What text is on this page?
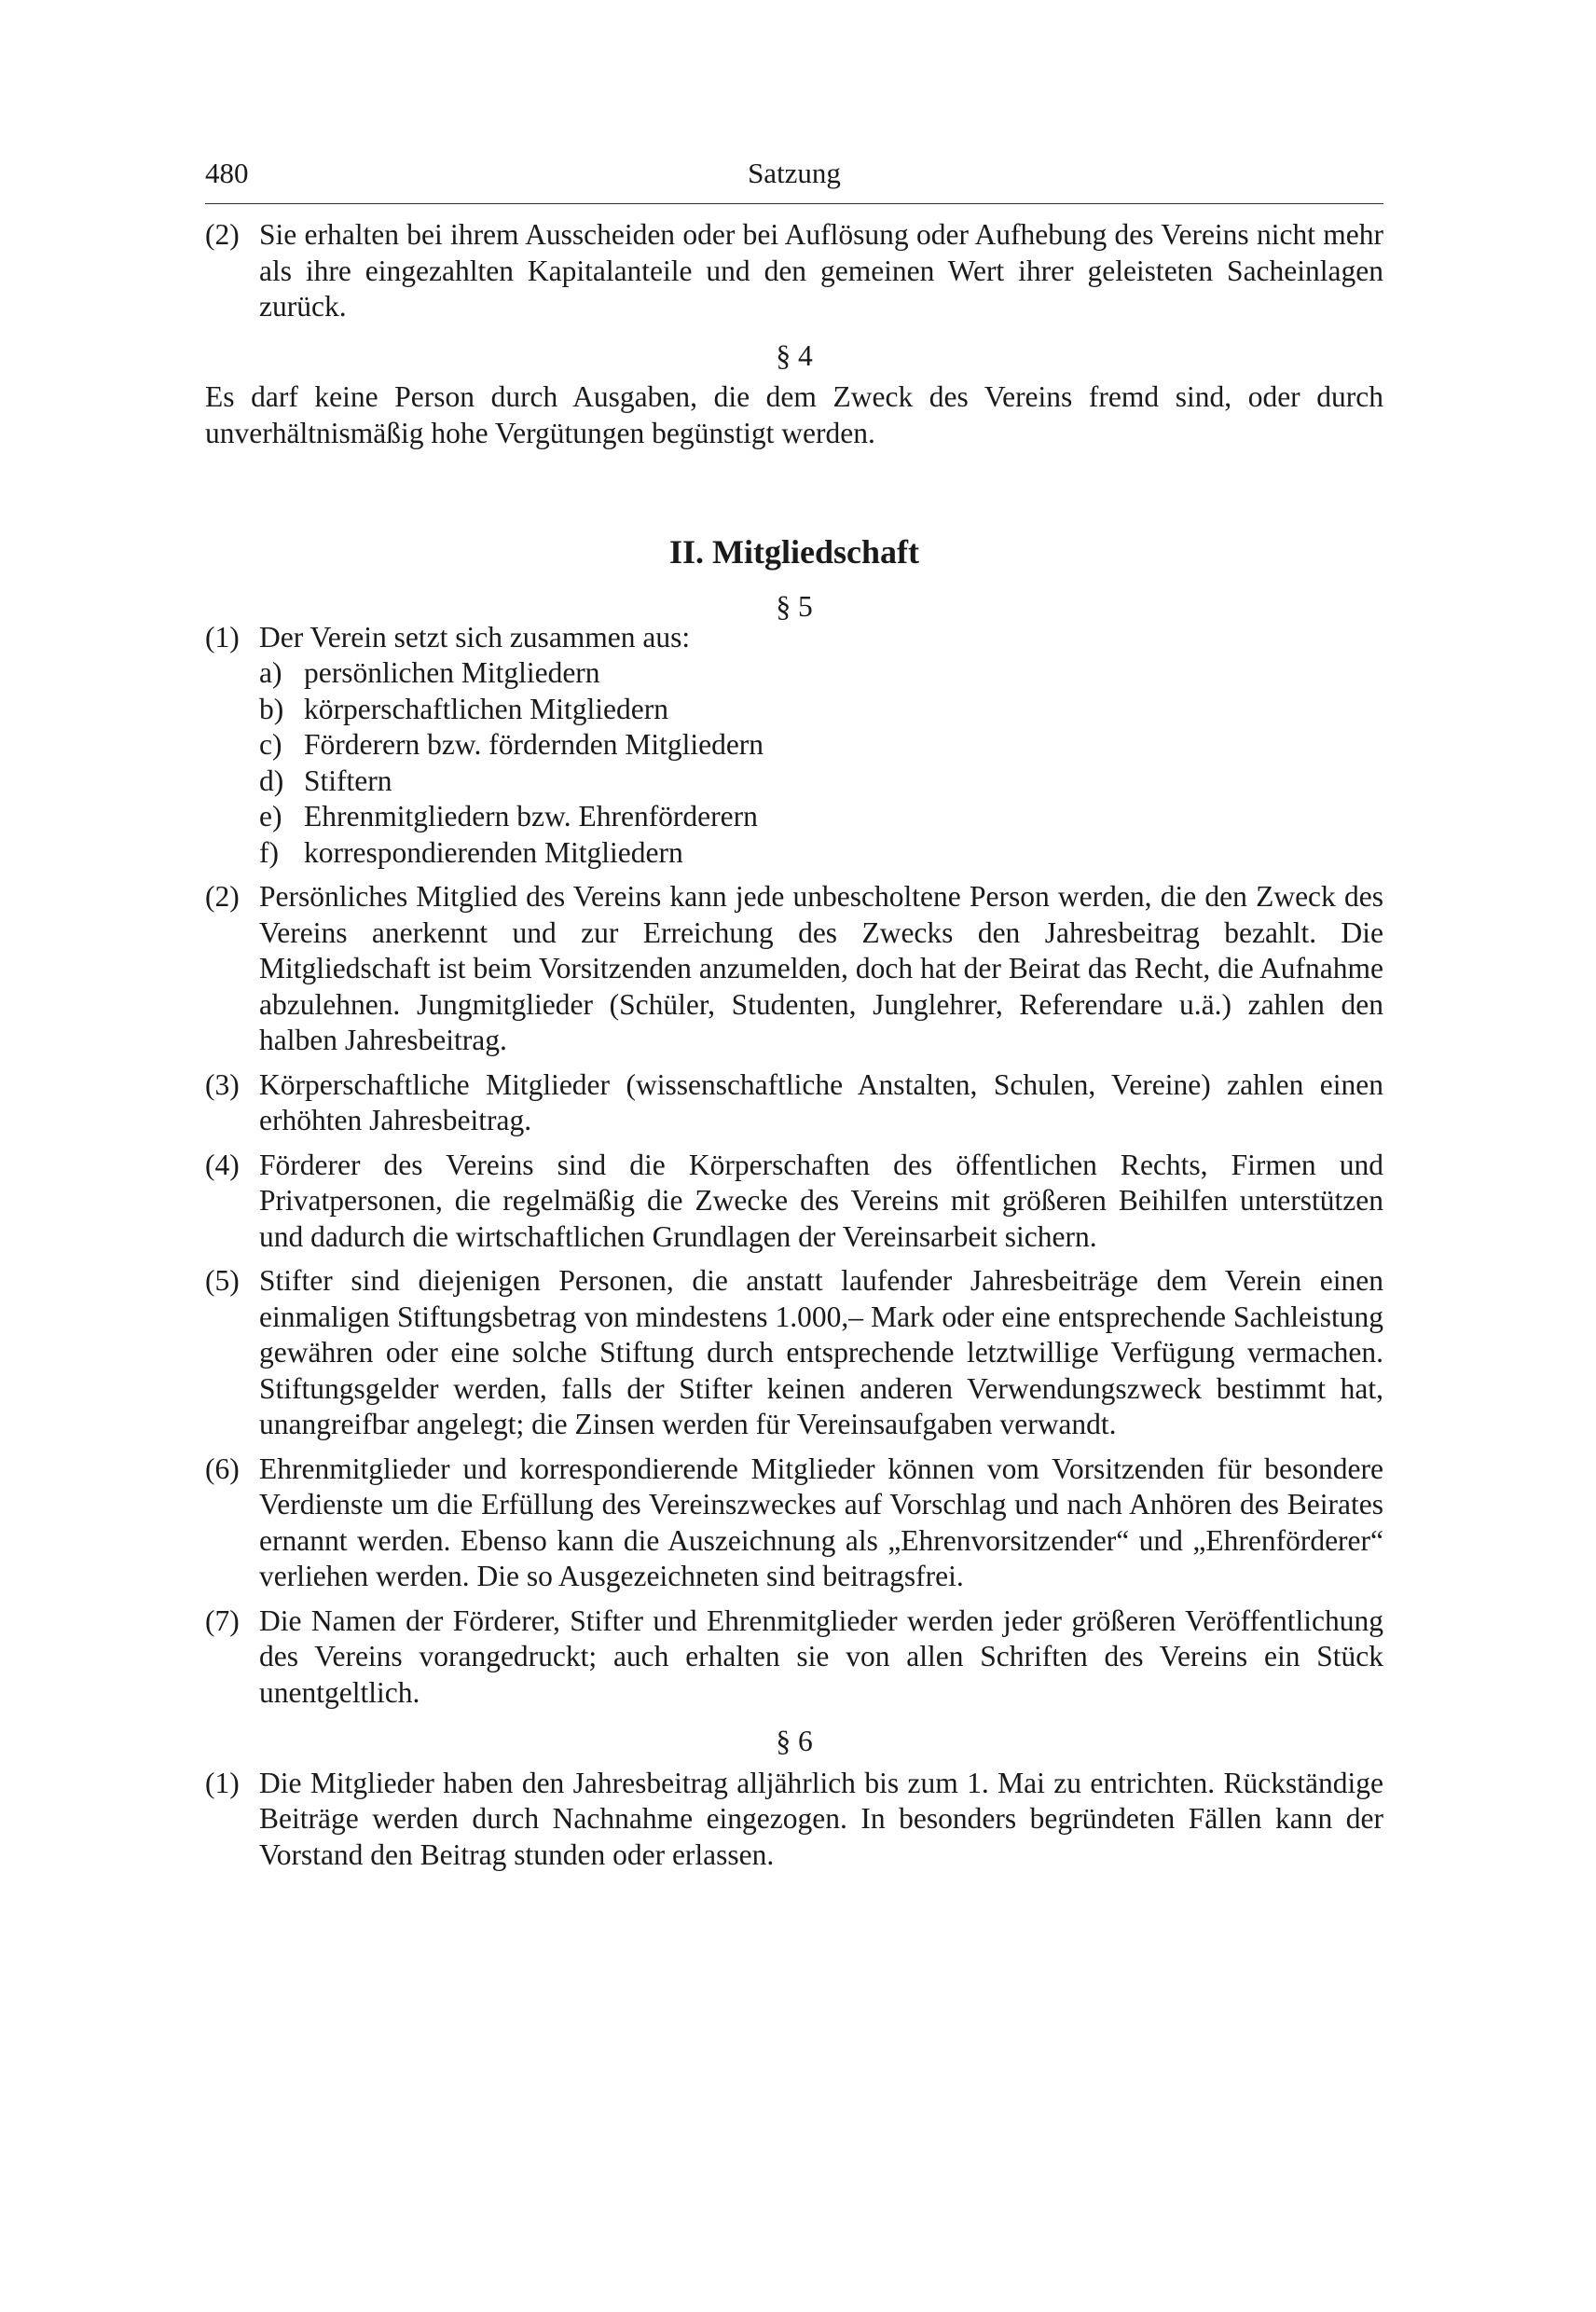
480	Satzung

(2) Sie erhalten bei ihrem Ausscheiden oder bei Auflösung oder Aufhebung des Vereins nicht mehr als ihre eingezahlten Kapitalanteile und den gemeinen Wert ihrer geleisteten Sacheinlagen zurück.

§ 4

Es darf keine Person durch Ausgaben, die dem Zweck des Vereins fremd sind, oder durch unverhältnismäßig hohe Vergütungen begünstigt werden.

II. Mitgliedschaft
§ 5
(1) Der Verein setzt sich zusammen aus:
a) persönlichen Mitgliedern
b) körperschaftlichen Mitgliedern
c) Förderern bzw. fördernden Mitgliedern
d) Stiftern
e) Ehrenmitgliedern bzw. Ehrenförderern
f) korrespondierenden Mitgliedern

(2) Persönliches Mitglied des Vereins kann jede unbescholtene Person werden, die den Zweck des Vereins anerkennt und zur Erreichung des Zwecks den Jahresbeitrag bezahlt. Die Mitgliedschaft ist beim Vorsitzenden anzumelden, doch hat der Beirat das Recht, die Aufnahme abzulehnen. Jungmitglieder (Schüler, Studenten, Junglehrer, Referendare u.ä.) zahlen den halben Jahresbeitrag.

(3) Körperschaftliche Mitglieder (wissenschaftliche Anstalten, Schulen, Vereine) zahlen einen erhöhten Jahresbeitrag.

(4) Förderer des Vereins sind die Körperschaften des öffentlichen Rechts, Firmen und Privatpersonen, die regelmäßig die Zwecke des Vereins mit größeren Beihilfen unterstützen und dadurch die wirtschaftlichen Grundlagen der Vereinsarbeit sichern.

(5) Stifter sind diejenigen Personen, die anstatt laufender Jahresbeiträge dem Verein einen einmaligen Stiftungsbetrag von mindestens 1.000,– Mark oder eine entsprechende Sachleistung gewähren oder eine solche Stiftung durch entsprechende letztwillige Verfügung vermachen. Stiftungsgelder werden, falls der Stifter keinen anderen Verwendungszweck bestimmt hat, unangreifbar angelegt; die Zinsen werden für Vereinsaufgaben verwandt.

(6) Ehrenmitglieder und korrespondierende Mitglieder können vom Vorsitzenden für besondere Verdienste um die Erfüllung des Vereinszweckes auf Vorschlag und nach Anhören des Beirates ernannt werden. Ebenso kann die Auszeichnung als „Ehrenvorsitzender“ und „Ehrenförderer“ verliehen werden. Die so Ausgezeichneten sind beitragsfrei.

(7) Die Namen der Förderer, Stifter und Ehrenmitglieder werden jeder größeren Veröffentlichung des Vereins vorangedruckt; auch erhalten sie von allen Schriften des Vereins ein Stück unentgeltlich.

§ 6

(1) Die Mitglieder haben den Jahresbeitrag alljährlich bis zum 1. Mai zu entrichten. Rückständige Beiträge werden durch Nachnahme eingezogen. In besonders begründeten Fällen kann der Vorstand den Beitrag stunden oder erlassen.
